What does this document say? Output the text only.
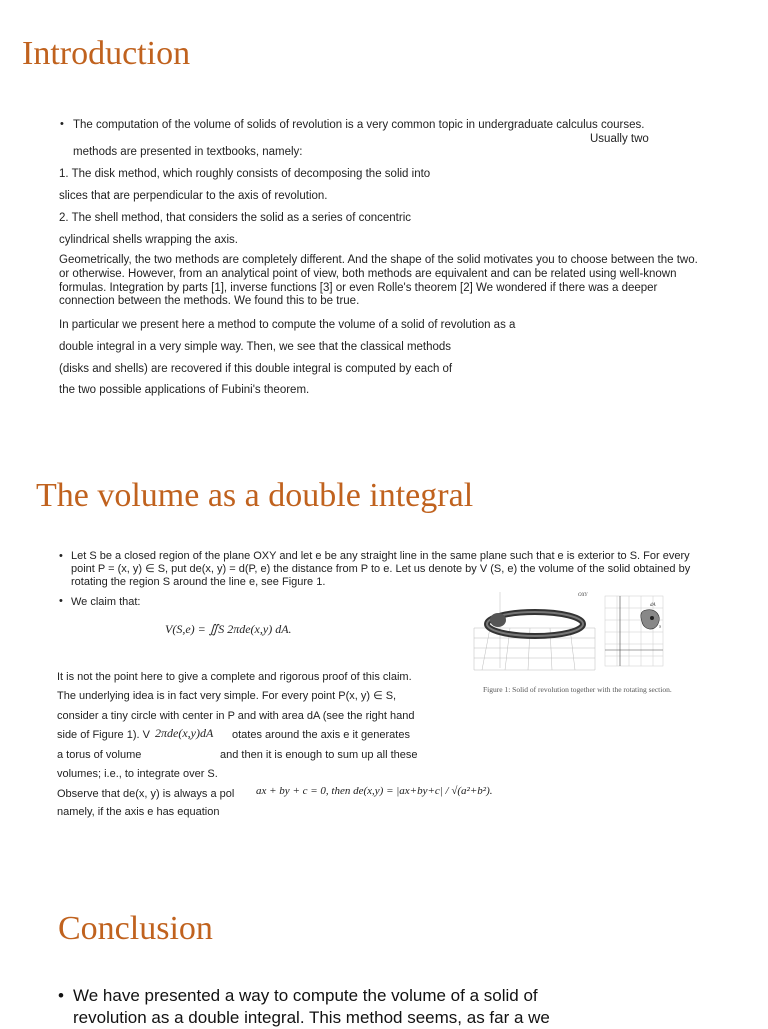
Introduction
• The computation of the volume of solids of revolution is a very common topic in undergraduate calculus courses.
Usually two
methods are presented in textbooks, namely:
1. The disk method, which roughly consists of decomposing the solid into
slices that are perpendicular to the axis of revolution.
2. The shell method, that considers the solid as a series of concentric
cylindrical shells wrapping the axis.
Geometrically, the two methods are completely different. And the shape of the solid motivates you to choose between the two. or otherwise. However, from an analytical point of view, both methods are equivalent and can be related using well-known formulas. Integration by parts [1], inverse functions [3] or even Rolle's theorem [2] We wondered if there was a deeper connection between the methods. We found this to be true.
In particular we present here a method to compute the volume of a solid of revolution as a
double integral in a very simple way. Then, we see that the classical methods
(disks and shells) are recovered if this double integral is computed by each of
the two possible applications of Fubini's theorem.
The volume as a double integral
• Let S be a closed region of the plane OXY and let e be any straight line in the same plane such that e is exterior to S. For every point P = (x, y) ∈ S, put de(x, y) = d(P, e) the distance from P to e. Let us denote by V (S, e) the volume of the solid obtained by rotating the region S around the line e, see Figure 1.
• We claim that:
V(S,e) = ∬S 2πde(x,y) dA.
It is not the point here to give a complete and rigorous proof of this claim.
The underlying idea is in fact very simple. For every point P(x, y) ∈ S,
consider a tiny circle with center in P and with area dA (see the right hand
side of Figure 1). V 2πde(x,y)dA otates around the axis e it generates
a torus of volume	and then it is enough to sum up all these
volumes; i.e., to integrate over S.
Observe that de(x, y) is always a pol ax + by + c = 0, then de(x,y) = |ax+by+c| / √(a²+b²).
namely, if the axis e has equation
OXY
dA
S
Figure 1: Solid of revolution together with the rotating section.
Conclusion
• We have presented a way to compute the volume of a solid of
revolution as a double integral. This method seems, as far a we
